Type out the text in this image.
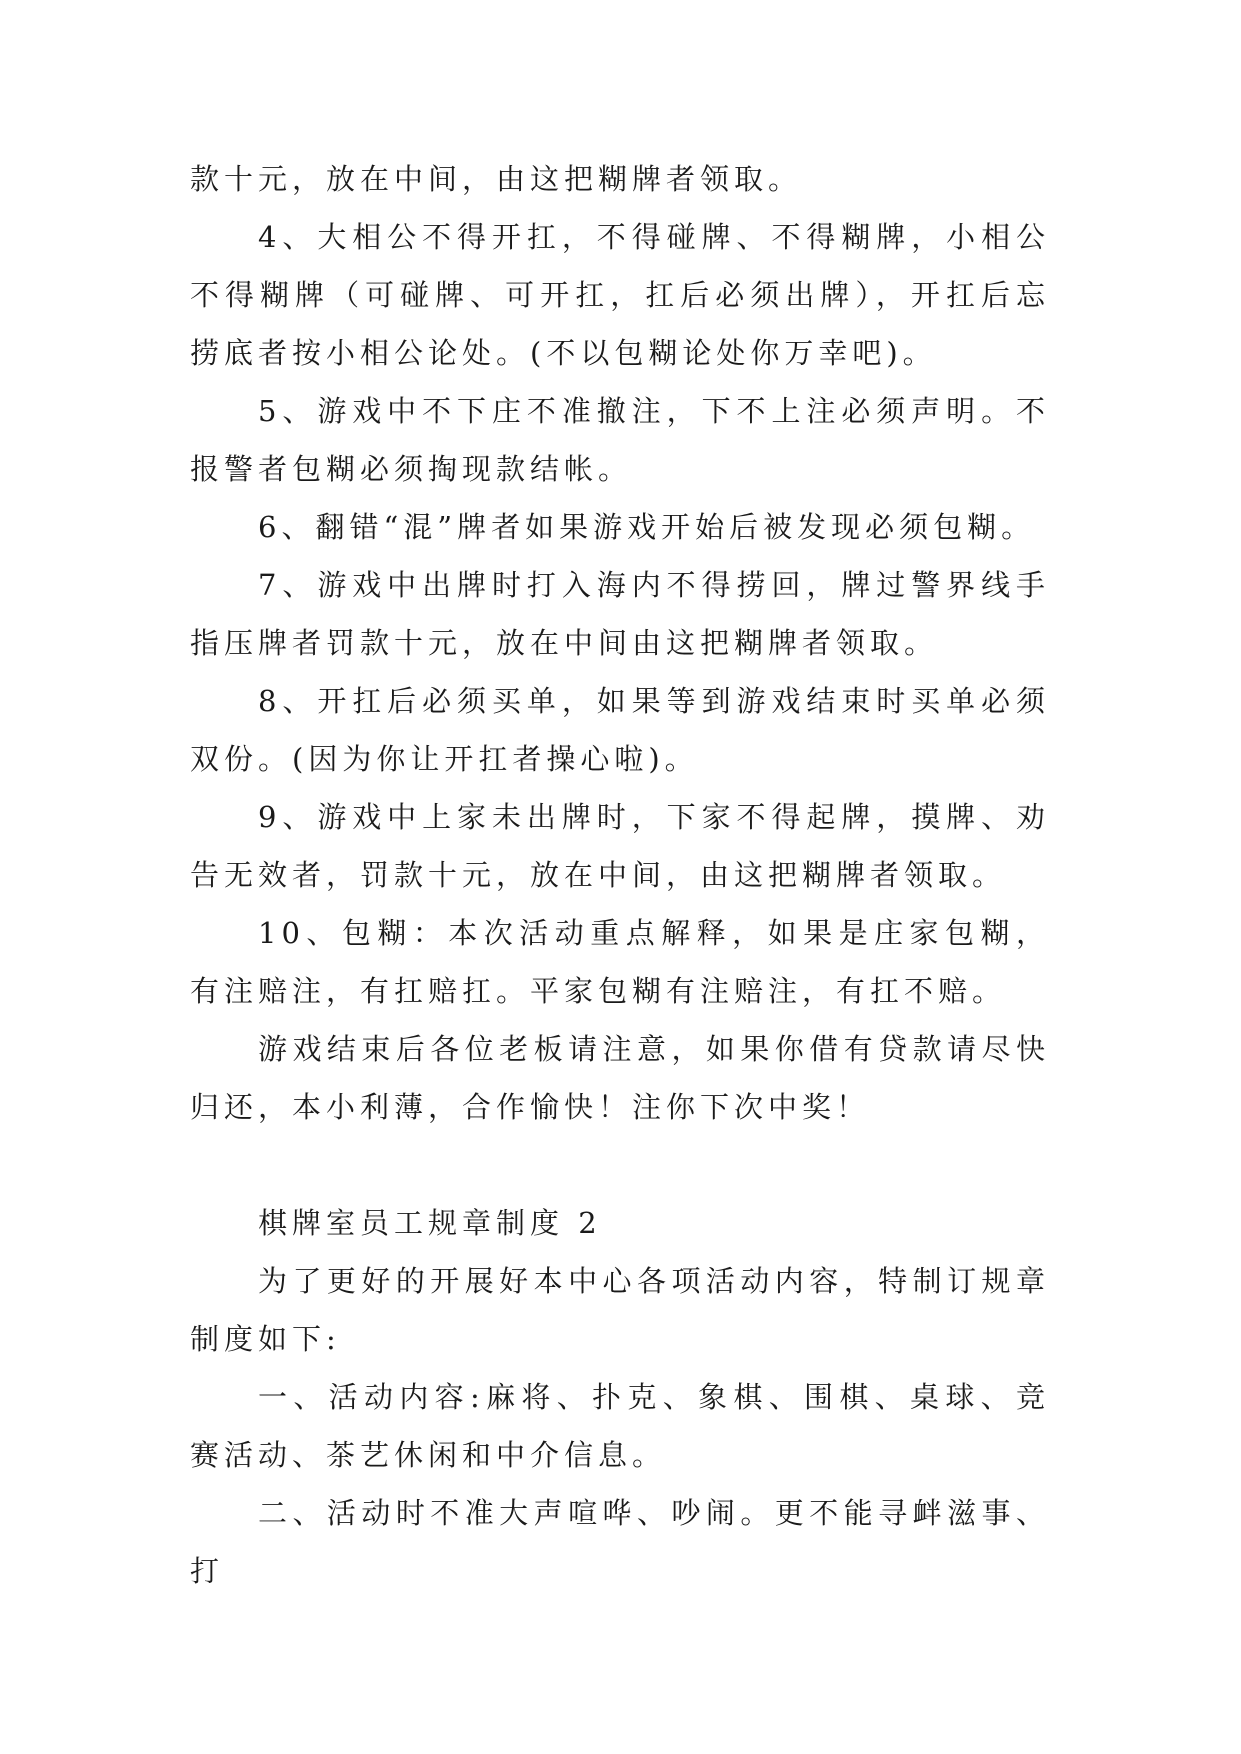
款十元，放在中间，由这把糊牌者领取。

4、大相公不得开扛，不得碰牌、不得糊牌，小相公不得糊牌（可碰牌、可开扛，扛后必须出牌），开扛后忘捞底者按小相公论处。(不以包糊论处你万幸吧)。

5、游戏中不下庄不准撤注，下不上注必须声明。不报警者包糊必须掏现款结帐。

6、翻错“混”牌者如果游戏开始后被发现必须包糊。

7、游戏中出牌时打入海内不得捞回，牌过警界线手指压牌者罚款十元，放在中间由这把糊牌者领取。

8、开扛后必须买单，如果等到游戏结束时买单必须双份。(因为你让开扛者操心啦)。

9、游戏中上家未出牌时，下家不得起牌，摸牌、劝告无效者，罚款十元，放在中间，由这把糊牌者领取。

10、包糊：本次活动重点解释，如果是庄家包糊，有注赔注，有扛赔扛。平家包糊有注赔注，有扛不赔。

游戏结束后各位老板请注意，如果你借有贷款请尽快归还，本小利薄，合作愉快！注你下次中奖！

棋牌室员工规章制度 2

为了更好的开展好本中心各项活动内容，特制订规章制度如下:

一、活动内容:麻将、扑克、象棋、围棋、桌球、竞赛活动、茶艺休闲和中介信息。

二、活动时不准大声喧哗、吵闹。更不能寻衅滋事、打
